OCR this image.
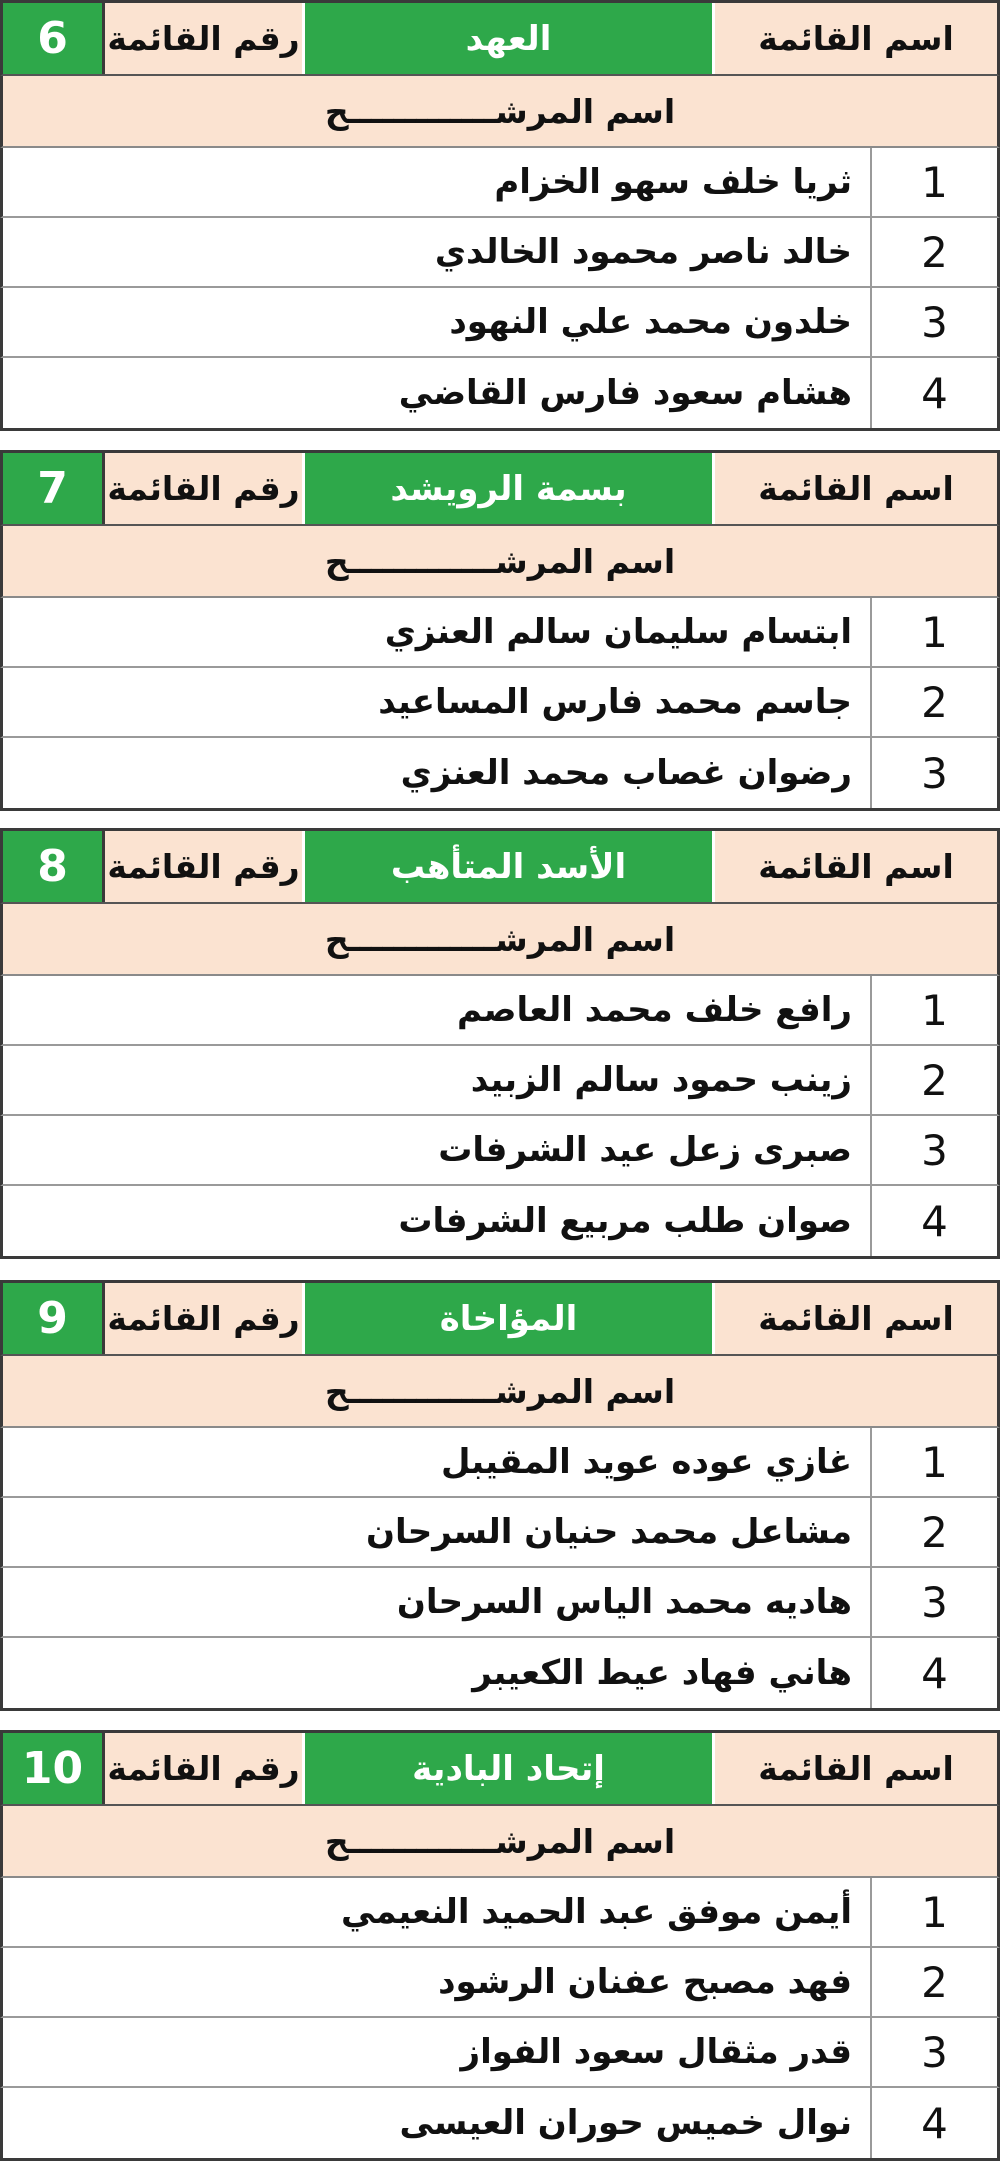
اسم القائمة
العهد
رقم القائمة
6
اسم المرشـــــــــــــح
1
ثريا خلف سهو الخزام
2
خالد ناصر محمود الخالدي
3
خلدون محمد علي النهود
4
هشام سعود فارس القاضي
اسم القائمة
بسمة الرويشد
رقم القائمة
7
اسم المرشـــــــــــــح
1
ابتسام سليمان سالم العنزي
2
جاسم محمد فارس المساعيد
3
رضوان غصاب محمد العنزي
اسم القائمة
الأسد المتأهب
رقم القائمة
8
اسم المرشـــــــــــــح
1
رافع خلف محمد العاصم
2
زينب حمود سالم الزبيد
3
صبرى زعل عيد الشرفات
4
صوان طلب مربيع الشرفات
اسم القائمة
المؤاخاة
رقم القائمة
9
اسم المرشـــــــــــــح
1
غازي عوده عويد المقيبل
2
مشاعل محمد حنيان السرحان
3
هاديه محمد الياس السرحان
4
هاني فهاد عيط الكعيبر
اسم القائمة
إتحاد البادية
رقم القائمة
10
اسم المرشـــــــــــــح
1
أيمن موفق عبد الحميد النعيمي
2
فهد مصبح عفنان الرشود
3
قدر مثقال سعود الفواز
4
نوال خميس حوران العيسى
